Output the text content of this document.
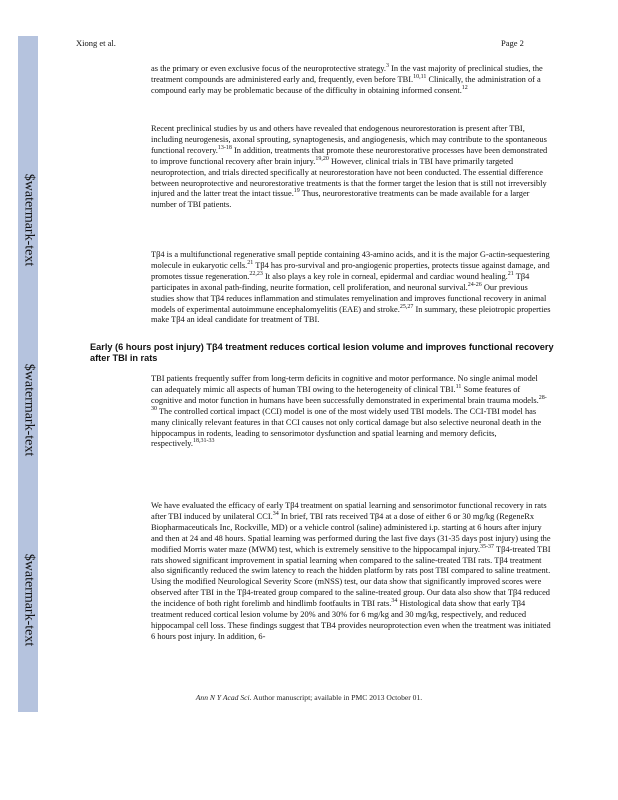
$watermark-text
$watermark-text
$watermark-text
Xiong et al.	Page 2

as the primary or even exclusive focus of the neuroprotective strategy.$^3$ In the vast majority of preclinical studies, the treatment compounds are administered early and, frequently, even before TBI.$^{10,11}$ Clinically, the administration of a compound early may be problematic because of the difficulty in obtaining informed consent.$^{12}$

Recent preclinical studies by us and others have revealed that endogenous neurorestoration is present after TBI, including neurogenesis, axonal sprouting, synaptogenesis, and angiogenesis, which may contribute to the spontaneous functional recovery.$^{13-18}$ In addition, treatments that promote these neurorestorative processes have been demonstrated to improve functional recovery after brain injury.$^{19,20}$ However, clinical trials in TBI have primarily targeted neuroprotection, and trials directed specifically at neurorestoration have not been conducted. The essential difference between neuroprotective and neurorestorative treatments is that the former target the lesion that is still not irreversibly injured and the latter treat the intact tissue.$^{19}$ Thus, neurorestorative treatments can be made available for a larger number of TBI patients.

Tβ4 is a multifunctional regenerative small peptide containing 43-amino acids, and it is the major G-actin-sequestering molecule in eukaryotic cells.$^{21}$ Tβ4 has pro-survival and pro-angiogenic properties, protects tissue against damage, and promotes tissue regeneration.$^{22,23}$ It also plays a key role in corneal, epidermal and cardiac wound healing.$^{21}$ Tβ4 participates in axonal path-finding, neurite formation, cell proliferation, and neuronal survival.$^{24-26}$ Our previous studies show that Tβ4 reduces inflammation and stimulates remyelination and improves functional recovery in animal models of experimental autoimmune encephalomyelitis (EAE) and stroke.$^{25,27}$ In summary, these pleiotropic properties make Tβ4 an ideal candidate for treatment of TBI.

Early (6 hours post injury) Tβ4 treatment reduces cortical lesion volume and improves functional recovery after TBI in rats

TBI patients frequently suffer from long-term deficits in cognitive and motor performance. No single animal model can adequately mimic all aspects of human TBI owing to the heterogeneity of clinical TBI.$^{11}$ Some features of cognitive and motor function in humans have been successfully demonstrated in experimental brain trauma models.$^{28-30}$ The controlled cortical impact (CCI) model is one of the most widely used TBI models. The CCI-TBI model has many clinically relevant features in that CCI causes not only cortical damage but also selective neuronal death in the hippocampus in rodents, leading to sensorimotor dysfunction and spatial learning and memory deficits, respectively.$^{18,31-33}$

We have evaluated the efficacy of early Tβ4 treatment on spatial learning and sensorimotor functional recovery in rats after TBI induced by unilateral CCI.$^{34}$ In brief, TBI rats received Tβ4 at a dose of either 6 or 30 mg/kg (RegeneRx Biopharmaceuticals Inc, Rockville, MD) or a vehicle control (saline) administered i.p. starting at 6 hours after injury and then at 24 and 48 hours. Spatial learning was performed during the last five days (31-35 days post injury) using the modified Morris water maze (MWM) test, which is extremely sensitive to the hippocampal injury.$^{35-37}$ Tβ4-treated TBI rats showed significant improvement in spatial learning when compared to the saline-treated TBI rats. Tβ4 treatment also significantly reduced the swim latency to reach the hidden platform by rats post TBI compared to saline treatment. Using the modified Neurological Severity Score (mNSS) test, our data show that significantly improved scores were observed after TBI in the Tβ4-treated group compared to the saline-treated group. Our data also show that Tβ4 reduced the incidence of both right forelimb and hindlimb footfaults in TBI rats.$^{34}$ Histological data show that early Tβ4 treatment reduced cortical lesion volume by 20% and 30% for 6 mg/kg and 30 mg/kg, respectively, and reduced hippocampal cell loss. These findings suggest that TB4 provides neuroprotection even when the treatment was initiated 6 hours post injury. In addition, 6-

Ann N Y Acad Sci. Author manuscript; available in PMC 2013 October 01.
